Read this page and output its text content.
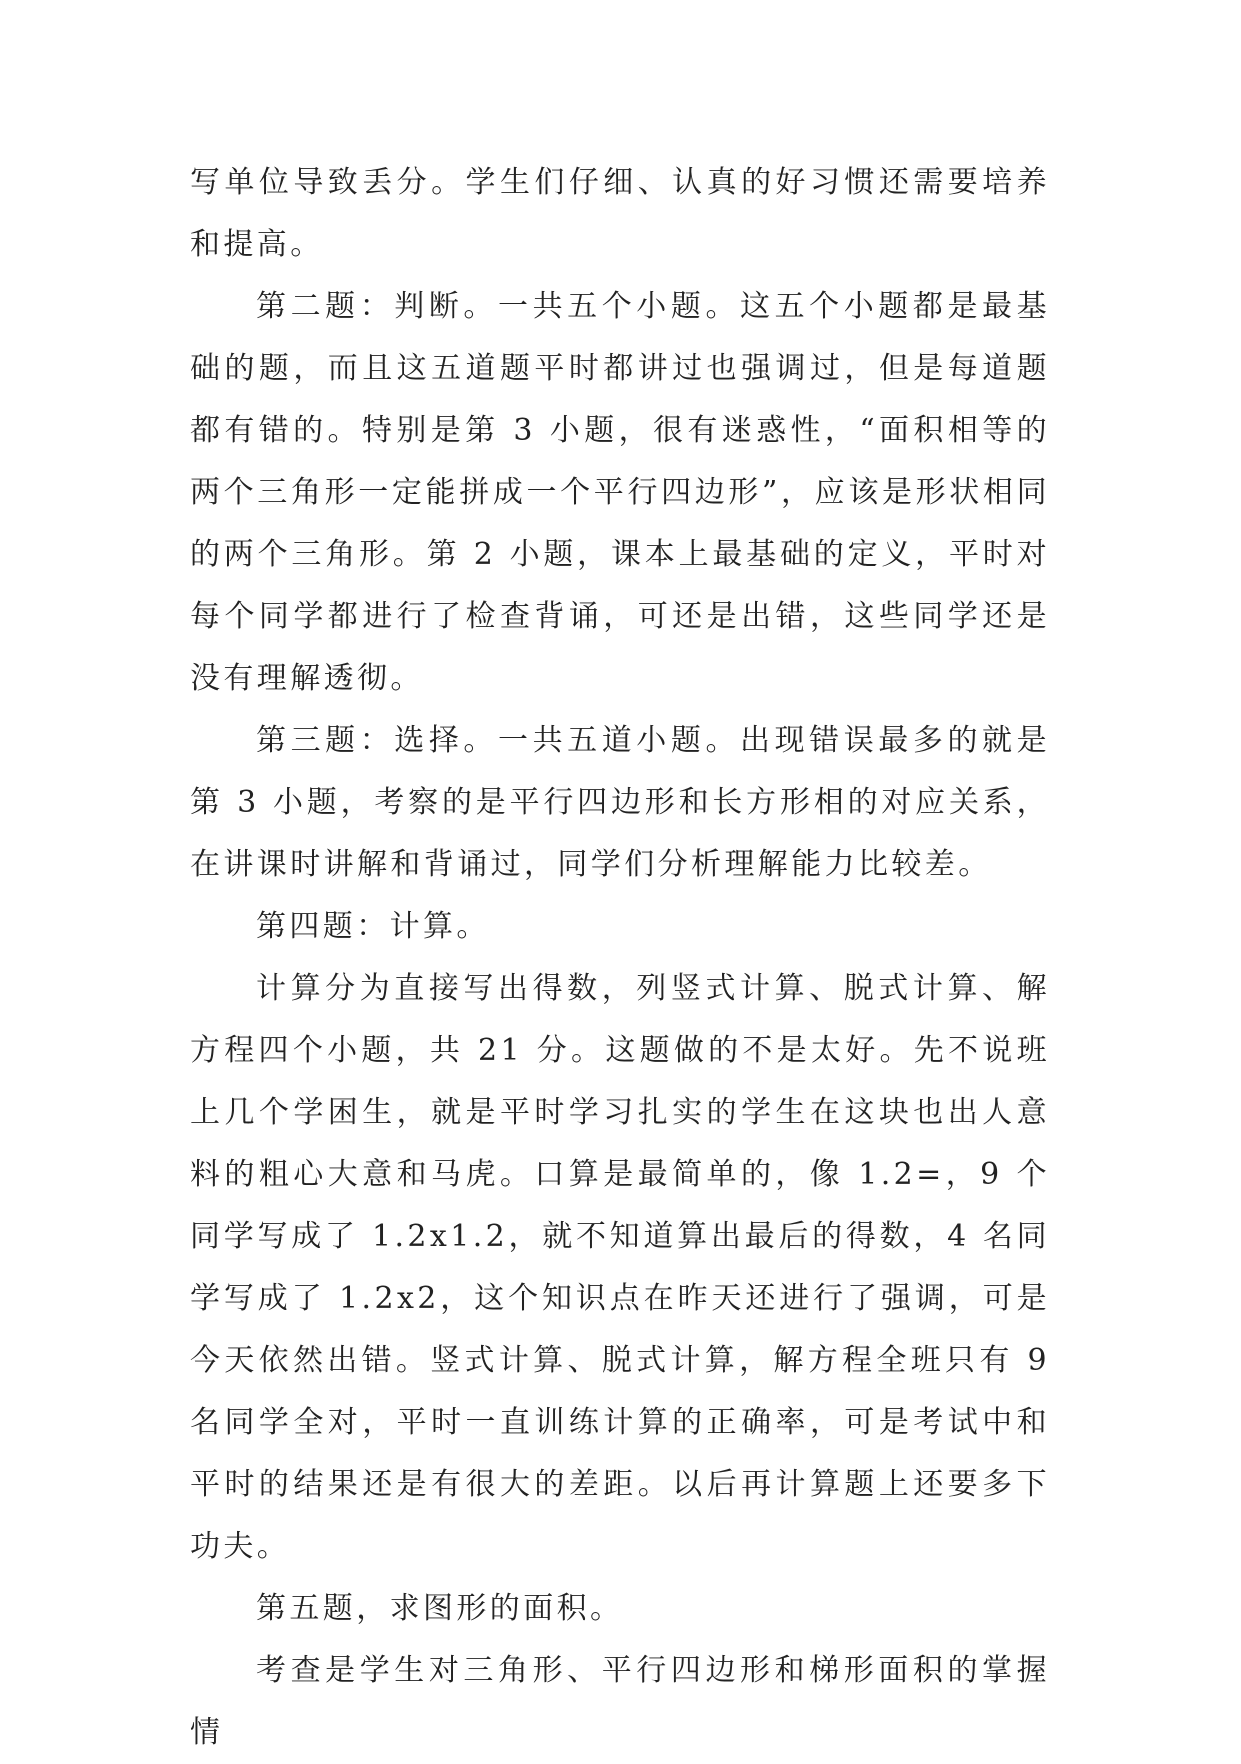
写单位导致丢分。学生们仔细、认真的好习惯还需要培养和提高。

第二题：判断。一共五个小题。这五个小题都是最基础的题，而且这五道题平时都讲过也强调过，但是每道题都有错的。特别是第 3 小题，很有迷惑性，“面积相等的两个三角形一定能拼成一个平行四边形”，应该是形状相同的两个三角形。第 2 小题，课本上最基础的定义，平时对每个同学都进行了检查背诵，可还是出错，这些同学还是没有理解透彻。

第三题：选择。一共五道小题。出现错误最多的就是第 3 小题，考察的是平行四边形和长方形相的对应关系，在讲课时讲解和背诵过，同学们分析理解能力比较差。

第四题：计算。

计算分为直接写出得数，列竖式计算、脱式计算、解方程四个小题，共 21 分。这题做的不是太好。先不说班上几个学困生，就是平时学习扎实的学生在这块也出人意料的粗心大意和马虎。口算是最简单的，像 1.2=，9 个同学写成了 1.2x1.2，就不知道算出最后的得数，4 名同学写成了 1.2x2，这个知识点在昨天还进行了强调，可是今天依然出错。竖式计算、脱式计算，解方程全班只有 9 名同学全对，平时一直训练计算的正确率，可是考试中和平时的结果还是有很大的差距。以后再计算题上还要多下功夫。

第五题，求图形的面积。

考查是学生对三角形、平行四边形和梯形面积的掌握情
